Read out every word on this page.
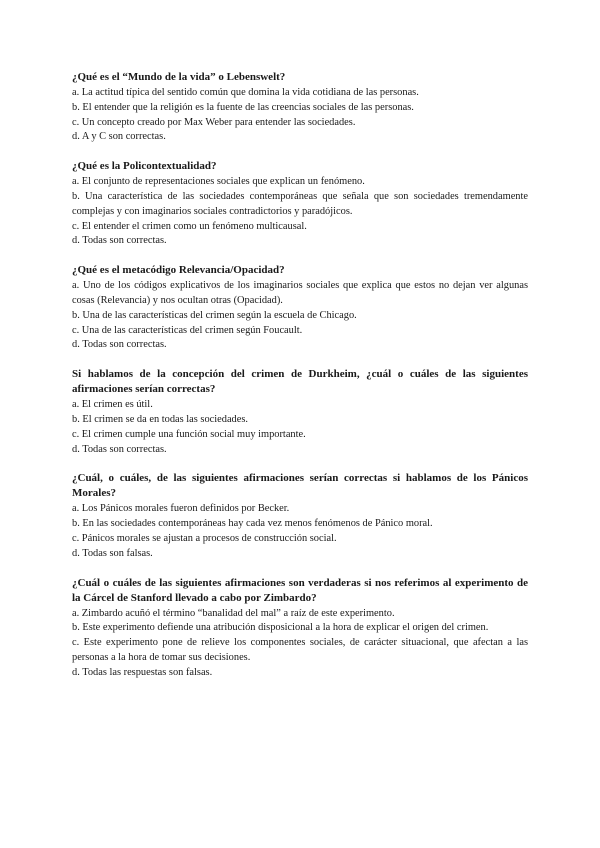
¿Qué es el “Mundo de la vida” o Lebenswelt?

a. La actitud típica del sentido común que domina la vida cotidiana de las personas.

b. El entender que la religión es la fuente de las creencias sociales de las personas.

c. Un concepto creado por Max Weber para entender las sociedades.

d. A y C son correctas.

¿Qué es la Policontextualidad?

a. El conjunto de representaciones sociales que explican un fenómeno.

b. Una característica de las sociedades contemporáneas que señala que son sociedades tremendamente complejas y con imaginarios sociales contradictorios y paradójicos.

c. El entender el crimen como un fenómeno multicausal.

d. Todas son correctas.

¿Qué es el metacódigo Relevancia/Opacidad?

a. Uno de los códigos explicativos de los imaginarios sociales que explica que estos no dejan ver algunas cosas (Relevancia) y nos ocultan otras (Opacidad).

b. Una de las características del crimen según la escuela de Chicago.

c. Una de las características del crimen según Foucault.

d. Todas son correctas.

Si hablamos de la concepción del crimen de Durkheim, ¿cuál o cuáles de las siguientes afirmaciones serían correctas?

a. El crimen es útil.

b. El crimen se da en todas las sociedades.

c. El crimen cumple una función social muy importante.

d. Todas son correctas.

¿Cuál, o cuáles, de las siguientes afirmaciones serían correctas si hablamos de los Pánicos Morales?

a. Los Pánicos morales fueron definidos por Becker.

b. En las sociedades contemporáneas hay cada vez menos fenómenos de Pánico moral.

c. Pánicos morales se ajustan a procesos de construcción social.

d. Todas son falsas.

¿Cuál o cuáles de las siguientes afirmaciones son verdaderas si nos referimos al experimento de la Cárcel de Stanford llevado a cabo por Zimbardo?

a. Zimbardo acuñó el término “banalidad del mal” a raíz de este experimento.

b. Este experimento defiende una atribución disposicional a la hora de explicar el origen del crimen.

c. Este experimento pone de relieve los componentes sociales, de carácter situacional, que afectan a las personas a la hora de tomar sus decisiones.

d. Todas las respuestas son falsas.
